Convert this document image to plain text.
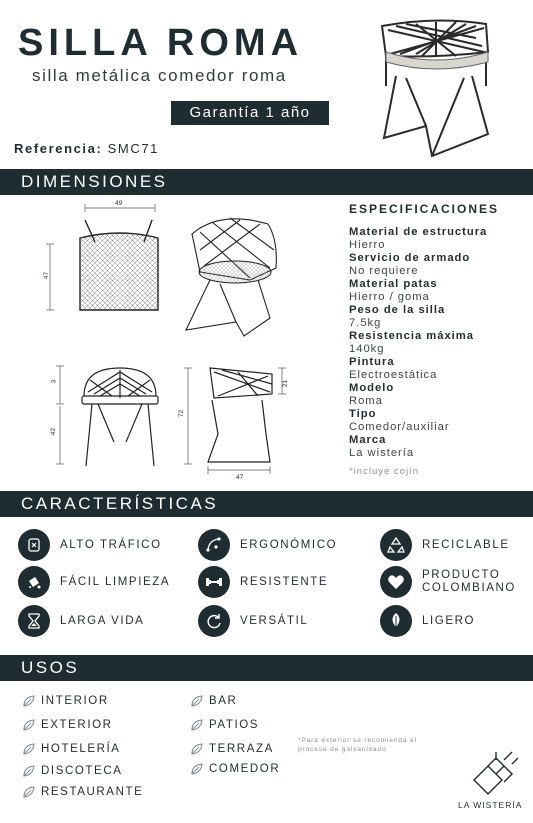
SILLA ROMA
silla metálica comedor roma
Garantía 1 año
Referencia: SMC71
DIMENSIONES
49
47
3
42
72
21
47
ESPECIFICACIONES
Material de estructura
Hierro
Servicio de armado
No requiere
Material patas
Hierro / goma
Peso de la silla
7.5kg
Resistencia máxima
140kg
Pintura
Electroestática
Modelo
Roma
Tipo
Comedor/auxiliar
Marca
La wistería
*incluye cojín
CARACTERÍSTICAS
ALTO TRÁFICO	ERGONÓMICO	RECICLABLE
FÁCIL LIMPIEZA	RESISTENTE
PRODUCTO
COLOMBIANO
LARGA VIDA	VERSÁTIL	LIGERO
USOS
INTERIOR
EXTERIOR
HOTELERÍA
DISCOTECA
RESTAURANTE
BAR
PATIOS
TERRAZA
COMEDOR
*Para exterior se recomienda el proceso de galvanizado
LA WISTERÍA
